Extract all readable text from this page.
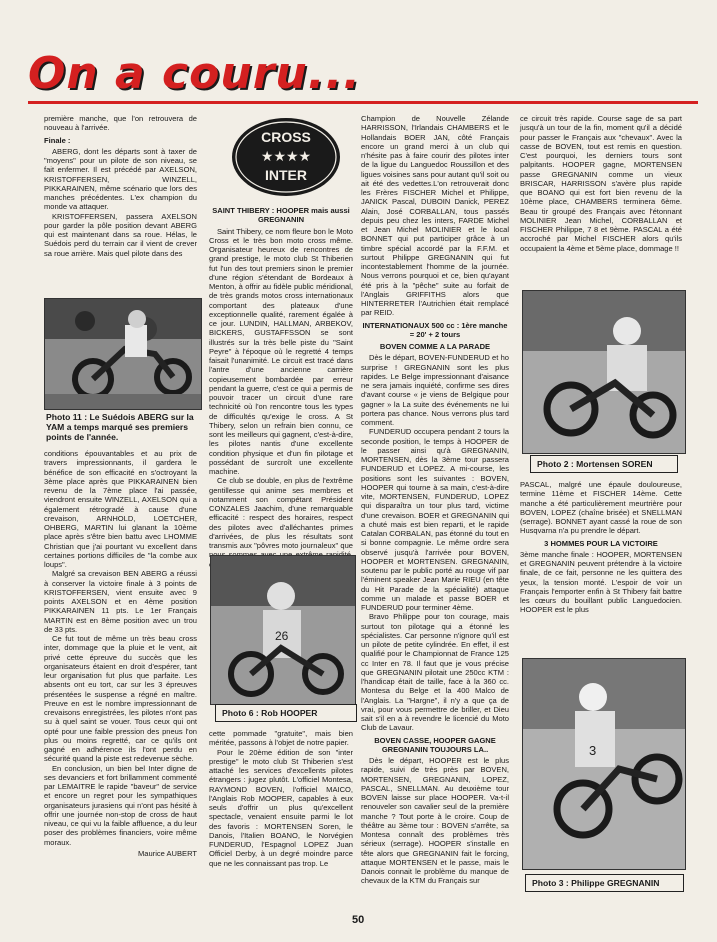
On a couru...
CROSS
★★★★
INTER

première manche, que l'on retrouvera de nouveau à l'arrivée.

Finale :

ABERG, dont les départs sont à taxer de "moyens" pour un pilote de son niveau, se fait enfermer. Il est précédé par AXELSON, KRISTOFFERSEN, WINZELL, PIKKARAINEN, même scénario que lors des manches précédentes. L'ex champion du monde va attaquer.

KRISTOFFERSEN, passera AXELSON pour garder la pôle position devant ABERG qui est maintenant dans sa roue. Hélas, le Suédois perd du terrain car il vient de crever sa roue arrière. Mais quel pilote dans des

Photo 11 : Le Suédois ABERG sur la YAM a temps marqué ses premiers points de l'année.

conditions épouvantables et au prix de travers impressionnants, il gardera le bénéfice de son efficacité en s'octroyant la 3ème place après que PIKKARAINEN bien revenu de la 7ème place l'ai passée, viendront ensuite WINZELL, AXELSON qui a également rétrogradé à cause d'une crevaison, ARNHOLD, LOETCHER, OHBERG, MARTIN lui glanant la 10ème place après s'être bien battu avec LHOMME Christian que j'ai pourtant vu excellent dans certaines portions difficiles de "la combe aux loups".

Malgré sa crevaison BEN ABERG a réussi à conserver la victoire finale à 3 points de KRISTOFFERSEN, vient ensuite avec 9 points AXELSON et en 4ème position PIKKARAINEN 11 pts. Le 1er Français MARTIN est en 8ème position avec un trou de 33 pts.

Ce fut tout de même un très beau cross inter, dommage que la pluie et le vent, ait privé cette épreuve du succès que les organisateurs étaient en droit d'espérer, tant leur organisation fut plus que parfaite. Les absents ont eu tort, car sur les 3 épreuves présentées le suspense a régné en maître. Preuve en est le nombre impressionnant de crevaisons enregistrées, les pilotes n'ont pas su à quel saint se vouer. Tous ceux qui ont opté pour une faible pression des pneus l'on plus ou moins regretté, car ce qu'ils ont gagné en adhérence ils l'ont perdu en sécurité quand la piste est redevenue sèche.

En conclusion, un bien bel Inter digne de ses devanciers et fort brillamment commenté par LEMAITRE le rapide "baveur" de service et encore un regret pour les sympathiques organisateurs jurasiens qui n'ont pas hésité à offrir une journée non-stop de cross de haut niveau, ce qui vu la faible affluence, a du leur poser des problèmes financiers, voire même moraux.

Maurice AUBERT

SAINT THIBERY : HOOPER mais aussi GREGNANIN

Saint Thibery, ce nom fleure bon le Moto Cross et le très bon moto cross même. Organisateur heureux de rencontres de grand prestige, le moto club St Thiberien fut l'un des tout premiers sinon le premier d'une région s'étendant de Bordeaux à Menton, à offrir au fidèle public méridional, de très grands motos cross internationaux comportant des plateaux d'une exceptionnelle qualité, rarement égalée à ce jour. LUNDIN, HALLMAN, ARBEKOV, BICKERS, GUSTAFFSSON se sont illustrés sur la très belle piste du "Saint Peyre" à l'époque où le regretté 4 temps faisait l'unanimité. Le circuit est tracé dans l'antre d'une ancienne carrière copieusement bombardée par erreur pendant la guerre, c'est ce qui a permis de pouvoir tracer un circuit d'une rare technicité où l'on rencontre tous les types de difficultés qu'exige le cross. A St Thibery, selon un refrain bien connu, ce sont les meilleurs qui gagnent, c'est-à-dire, les pilotes nantis d'une excellente condition physique et d'un fin pilotage et possédant de surcroît une excellente machine.

Ce club se double, en plus de l'extrême gentillesse qui anime ses membres et notamment son compétant Président CONZALES Jaachim, d'une remarquable efficacité : respect des horaires, respect des pilotes avec d'alléchantes primes d'arrivées, de plus les résultats sont transmis aux "pôvres moto journaleux" que

26
Photo 6 : Rob HOOPER

cette pommade "gratuite", mais bien méritée, passons à l'objet de notre papier.

Pour le 20ème édition de son "inter prestige" le moto club St Thiberien s'est attaché les services d'excellents pilotes étrangers : jugez plutôt. L'officiel Montesa, RAYMOND BOVEN, l'officiel MAICO, l'Anglais Rob MOOPER, capables à eux seuls d'offrir un plus qu'excellent spectacle, venaient ensuite parmi le lot des favoris : MORTENSEN Soren, le Danois, l'Italien BOANO, le Norvégien FUNDERUD, l'Espagnol LOPEZ Juan Officiel Derby, à un degré moindre parce que ne les connaissant pas trop. Le

Champion de Nouvelle Zélande HARRISSON, l'Irlandais CHAMBERS et le Hollandais BOER JAN, côté Français encore un grand merci à un club qui n'hésite pas à faire courir des pilotes inter de la ligue du Languedoc Roussillon et des ligues voisines sans pour autant qu'il soit ou ait été des vedettes.L'on retrouverait donc les Frères FISCHER Michel et Philippe, JANICK Pascal, DUBOIN Danick, PEREZ Alain, José CORBALLAN, tous passés depuis peu chez les inters, FARDE Michel et Jean Michel MOLINIER et le local BONNET qui put participer grâce à un timbre spécial accordé par la F.F.M. et surtout Philippe GREGNANIN qui fut incontestablement l'homme de la journée. Nous verrons pourquoi et ce, bien qu'ayant été pris à la "pêche" suite au forfait de l'Anglais GRIFFITHS alors que HINTERRETER l'Autrichien était remplacé par REID.

INTERNATIONAUX 500 cc : 1ère manche = 20' + 2 tours

BOVEN COMME A LA PARADE

Dès le départ, BOVEN-FUNDERUD et ho surprise ! GREGNANIN sont les plus rapides. Le Belge impressionnant d'aisance ne sera jamais inquiété, confirme ses dires d'avant course « je viens de Belgique pour gagner » la La suite des événements ne lui portera pas chance. Nous verrons plus tard comment.

FUNDERUD occupera pendant 2 tours la seconde position, le temps à HOOPER de le passer ainsi qu'à GREGNANIN, MORTENSEN, dès la 3ème tour passera FUNDERUD et LOPEZ. A mi-course, les positions sont les suivantes : BOVEN, HOOPER qui tourne à sa main, c'est-à-dire vite, MORTENSEN, FUNDERUD, LOPEZ qui disparaîtra un tour plus tard, victime d'une crevaison. BOER et GREGNANIN qui a chuté mais est bien reparti, et le rapide Catalan CORBALAN, pas étonné du tout en si bonne compagnie. Le même ordre sera observé jusqu'à l'arrivée pour BOVEN, HOOPER et MORTENSEN. GREGNANIN, soutenu par le public porté au rouge vif par l'éminent speaker Jean Marie RIEU (en tête du Hit Parade de la spécialité) attaque comme un malade et passe BOER et FUNDERUD pour terminer 4ème.

Bravo Philippe pour ton courage, mais surtout ton pilotage qui a étonné les spécialistes. Car personne n'ignore qu'il est un pilote de petite cylindrée. En effet, il est qualifié pour le Championnat de France 125 cc Inter en 78. Il faut que je vous précise que GREGNANIN pilotait une 250cc KTM : l'handicap était de taille, face à la 360 cc. Montesa du Belge et la 400 Malco de l'Anglais. La "Hargne", il n'y a que ça de vrai, pour vous permettre de briller, et Dieu sait s'il en a à revendre le licencié du Moto Club de Lavaur.

BOVEN CASSE, HOOPER GAGNE GREGNANIN TOUJOURS LA..

Dès le départ, HOOPER est le plus rapide, suivi de très près par BOVEN, MORTENSEN, GREGNANIN, LOPEZ, PASCAL, SNELLMAN. Au deuxième tour BOVEN laisse sur place HOOPER. Va-t-il renouveler son cavalier seul de la première manche ? Tout porte à le croire. Coup de théâtre au 3ème tour : BOVEN s'arrête, sa Montesa connaît des problèmes très sérieux (serrage). HOOPER s'installe en tête alors que GREGNANIN fait le forcing, attaque MORTENSEN et le passe, mais le Danois connait le problème du manque de chevaux de la KTM du Français sur

ce circuit très rapide. Course sage de sa part jusqu'à un tour de la fin, moment qu'il a décidé pour passer le Français aux "chevaux". Avec la casse de BOVEN, tout est remis en question. C'est pourquoi, les derniers tours sont palpitants. HOOPER gagne, MORTENSEN passe GREGNANIN comme un vieux BRISCAR, HARRISSON s'avère plus rapide que BOANO qui est fort bien revenu de la 10ème place, CHAMBERS terminera 6ème. Beau tir groupé des Français avec l'étonnant MOLINIER Jean Michel, CORBALLAN et FISCHER Philippe, 7 8 et 9ème. PASCAL a été accroché par Michel FISCHER alors qu'ils occupaient la 4ème et 5ème place, dommage !!

Photo 2 : Mortensen SOREN

PASCAL, malgré une épaule douloureuse, termine 11ème et FISCHER 14ème. Cette manche a été particulièrement meurtrière pour BOVEN, LOPEZ (chaîne brisée) et SNELLMAN (serrage). BONNET ayant cassé la roue de son Husqvarna n'a pu prendre le départ.

3 HOMMES POUR LA VICTOIRE

3ème manche finale : HOOPER, MORTENSEN et GREGNANIN peuvent prétendre à la victoire finale, de ce fait, personne ne les quittera des yeux, la tension monté. L'espoir de voir un Français l'emporter enfin à St Thibery fait battre les cœurs du bouillant public Languedocien. HOOPER est le plus

3
Photo 3 : Philippe GREGNANIN
50
